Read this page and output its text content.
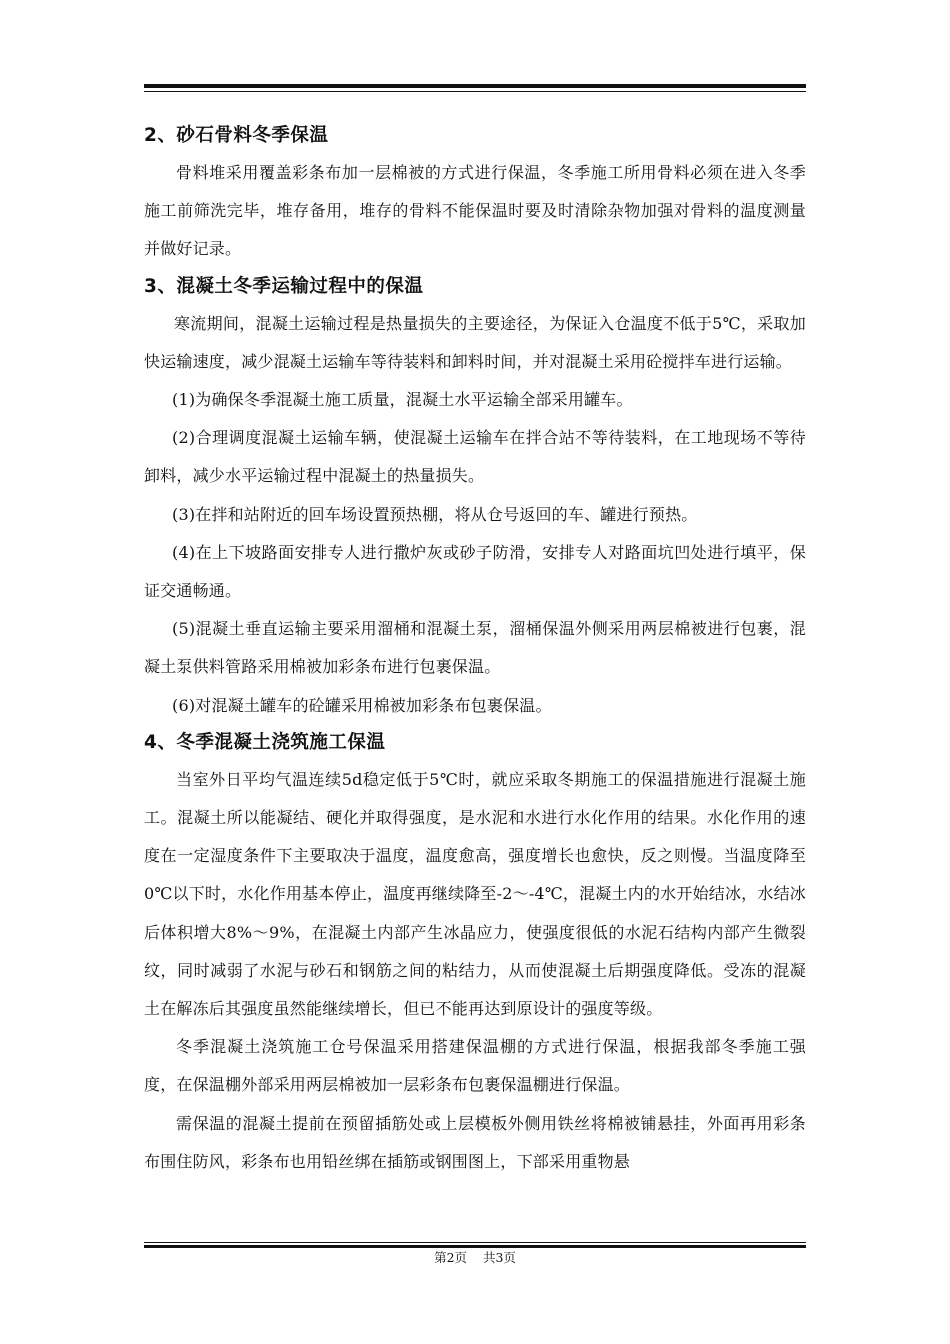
2、砂石骨料冬季保温

骨料堆采用覆盖彩条布加一层棉被的方式进行保温，冬季施工所用骨料必须在进入冬季施工前筛洗完毕，堆存备用，堆存的骨料不能保温时要及时清除杂物加强对骨料的温度测量并做好记录。

3、混凝土冬季运输过程中的保温

寒流期间，混凝土运输过程是热量损失的主要途径，为保证入仓温度不低于5℃，采取加快运输速度，减少混凝土运输车等待装料和卸料时间，并对混凝土采用砼搅拌车进行运输。

(1)为确保冬季混凝土施工质量，混凝土水平运输全部采用罐车。

(2)合理调度混凝土运输车辆，使混凝土运输车在拌合站不等待装料，在工地现场不等待卸料，减少水平运输过程中混凝土的热量损失。

(3)在拌和站附近的回车场设置预热棚，将从仓号返回的车、罐进行预热。

(4)在上下坡路面安排专人进行撒炉灰或砂子防滑，安排专人对路面坑凹处进行填平，保证交通畅通。

(5)混凝土垂直运输主要采用溜桶和混凝土泵，溜桶保温外侧采用两层棉被进行包裹，混凝土泵供料管路采用棉被加彩条布进行包裹保温。

(6)对混凝土罐车的砼罐采用棉被加彩条布包裹保温。

4、冬季混凝土浇筑施工保温

当室外日平均气温连续5d稳定低于5℃时，就应采取冬期施工的保温措施进行混凝土施工。混凝土所以能凝结、硬化并取得强度，是水泥和水进行水化作用的结果。水化作用的速度在一定湿度条件下主要取决于温度，温度愈高，强度增长也愈快，反之则慢。当温度降至0℃以下时，水化作用基本停止，温度再继续降至-2～-4℃，混凝土内的水开始结冰，水结冰后体积增大8%～9%，在混凝土内部产生冰晶应力，使强度很低的水泥石结构内部产生微裂纹，同时减弱了水泥与砂石和钢筋之间的粘结力，从而使混凝土后期强度降低。受冻的混凝土在解冻后其强度虽然能继续增长，但已不能再达到原设计的强度等级。

冬季混凝土浇筑施工仓号保温采用搭建保温棚的方式进行保温，根据我部冬季施工强度，在保温棚外部采用两层棉被加一层彩条布包裹保温棚进行保温。

需保温的混凝土提前在预留插筋处或上层模板外侧用铁丝将棉被铺悬挂，外面再用彩条布围住防风，彩条布也用铅丝绑在插筋或钢围图上，下部采用重物悬

第2页 共3页
